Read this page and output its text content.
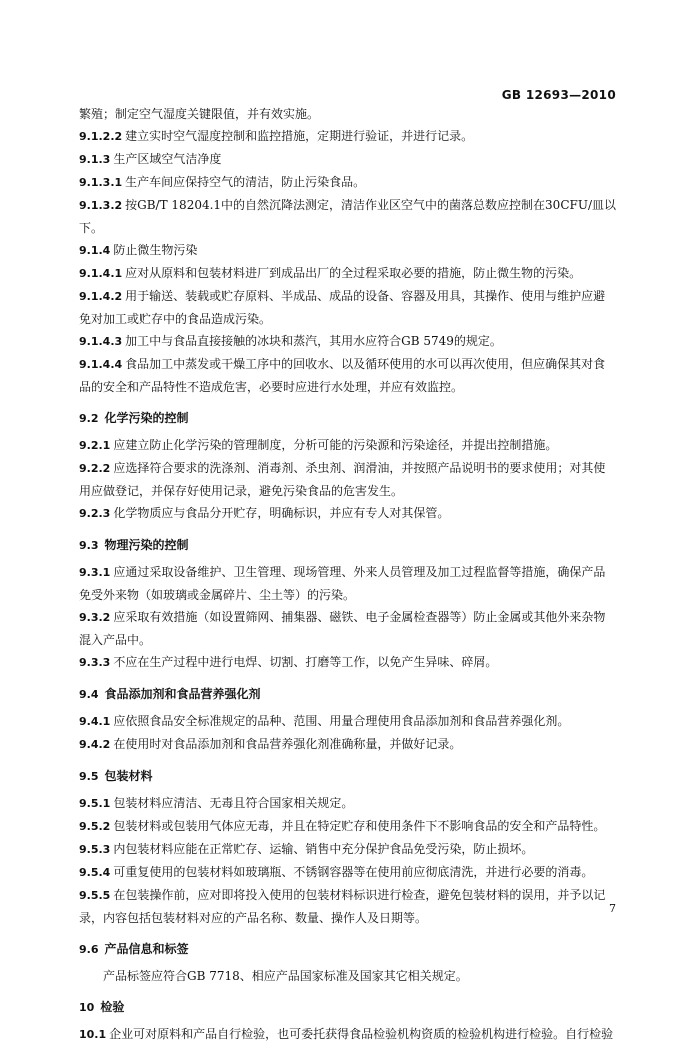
GB 12693—2010
繁殖；制定空气湿度关键限值，并有效实施。
9.1.2.2 建立实时空气湿度控制和监控措施，定期进行验证，并进行记录。
9.1.3 生产区域空气洁净度
9.1.3.1 生产车间应保持空气的清洁，防止污染食品。
9.1.3.2 按GB/T 18204.1中的自然沉降法测定，清洁作业区空气中的菌落总数应控制在30CFU/皿以下。
9.1.4 防止微生物污染
9.1.4.1 应对从原料和包装材料进厂到成品出厂的全过程采取必要的措施，防止微生物的污染。
9.1.4.2 用于输送、装载或贮存原料、半成品、成品的设备、容器及用具，其操作、使用与维护应避免对加工或贮存中的食品造成污染。
9.1.4.3 加工中与食品直接接触的冰块和蒸汽，其用水应符合GB 5749的规定。
9.1.4.4 食品加工中蒸发或干燥工序中的回收水、以及循环使用的水可以再次使用，但应确保其对食品的安全和产品特性不造成危害，必要时应进行水处理，并应有效监控。
9.2 化学污染的控制
9.2.1 应建立防止化学污染的管理制度，分析可能的污染源和污染途径，并提出控制措施。
9.2.2 应选择符合要求的洗涤剂、消毒剂、杀虫剂、润滑油，并按照产品说明书的要求使用；对其使用应做登记，并保存好使用记录，避免污染食品的危害发生。
9.2.3 化学物质应与食品分开贮存，明确标识，并应有专人对其保管。
9.3 物理污染的控制
9.3.1 应通过采取设备维护、卫生管理、现场管理、外来人员管理及加工过程监督等措施，确保产品免受外来物（如玻璃或金属碎片、尘土等）的污染。
9.3.2 应采取有效措施（如设置筛网、捕集器、磁铁、电子金属检查器等）防止金属或其他外来杂物混入产品中。
9.3.3 不应在生产过程中进行电焊、切割、打磨等工作，以免产生异味、碎屑。
9.4 食品添加剂和食品营养强化剂
9.4.1 应依照食品安全标准规定的品种、范围、用量合理使用食品添加剂和食品营养强化剂。
9.4.2 在使用时对食品添加剂和食品营养强化剂准确称量，并做好记录。
9.5 包装材料
9.5.1 包装材料应清洁、无毒且符合国家相关规定。
9.5.2 包装材料或包装用气体应无毒，并且在特定贮存和使用条件下不影响食品的安全和产品特性。
9.5.3 内包装材料应能在正常贮存、运输、销售中充分保护食品免受污染，防止损坏。
9.5.4 可重复使用的包装材料如玻璃瓶、不锈钢容器等在使用前应彻底清洗，并进行必要的消毒。
9.5.5 在包装操作前，应对即将投入使用的包装材料标识进行检查，避免包装材料的误用，并予以记录，内容包括包装材料对应的产品名称、数量、操作人及日期等。
9.6 产品信息和标签
产品标签应符合GB 7718、相应产品国家标准及国家其它相关规定。
10 检验
10.1 企业可对原料和产品自行检验，也可委托获得食品检验机构资质的检验机构进行检验。自行检验
7
